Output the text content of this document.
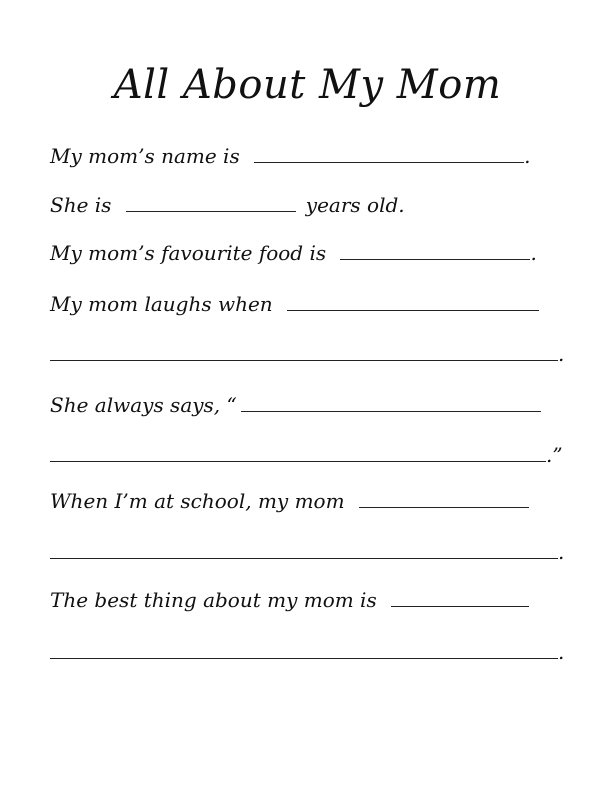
All About My Mom
My mom’s name is	.
She is	years old.
My mom’s favourite food is	.
My mom laughs when
.
She always says, “
.”
When I’m at school, my mom
.
The best thing about my mom is
.
